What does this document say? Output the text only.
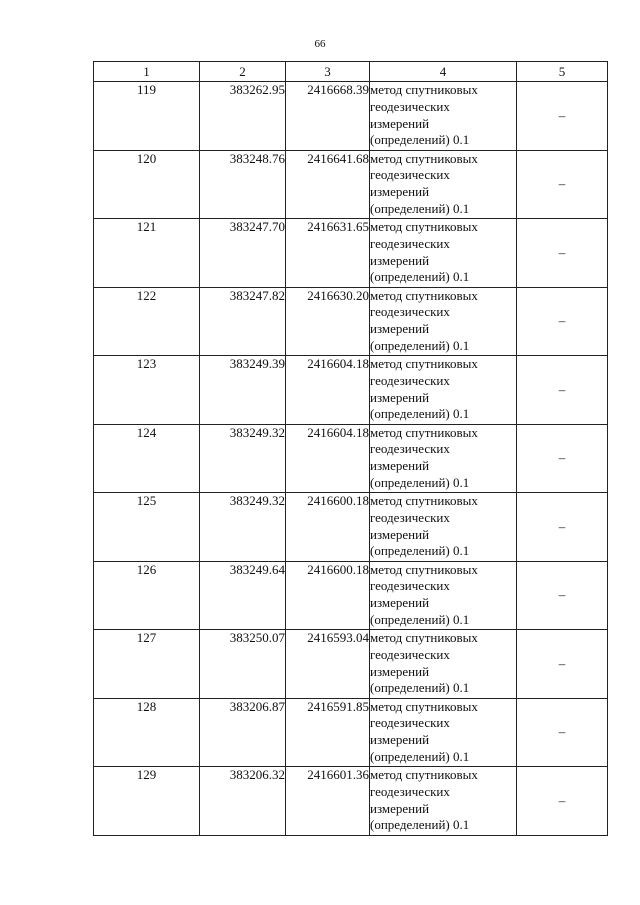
66
1	2	3	4	5
119	383262.95	2416668.39	метод спутниковых
геодезических
измерений
(определений) 0.1	–
120	383248.76	2416641.68	метод спутниковых
геодезических
измерений
(определений) 0.1	–
121	383247.70	2416631.65	метод спутниковых
геодезических
измерений
(определений) 0.1	–
122	383247.82	2416630.20	метод спутниковых
геодезических
измерений
(определений) 0.1	–
123	383249.39	2416604.18	метод спутниковых
геодезических
измерений
(определений) 0.1	–
124	383249.32	2416604.18	метод спутниковых
геодезических
измерений
(определений) 0.1	–
125	383249.32	2416600.18	метод спутниковых
геодезических
измерений
(определений) 0.1	–
126	383249.64	2416600.18	метод спутниковых
геодезических
измерений
(определений) 0.1	–
127	383250.07	2416593.04	метод спутниковых
геодезических
измерений
(определений) 0.1	–
128	383206.87	2416591.85	метод спутниковых
геодезических
измерений
(определений) 0.1	–
129	383206.32	2416601.36	метод спутниковых
геодезических
измерений
(определений) 0.1	–
